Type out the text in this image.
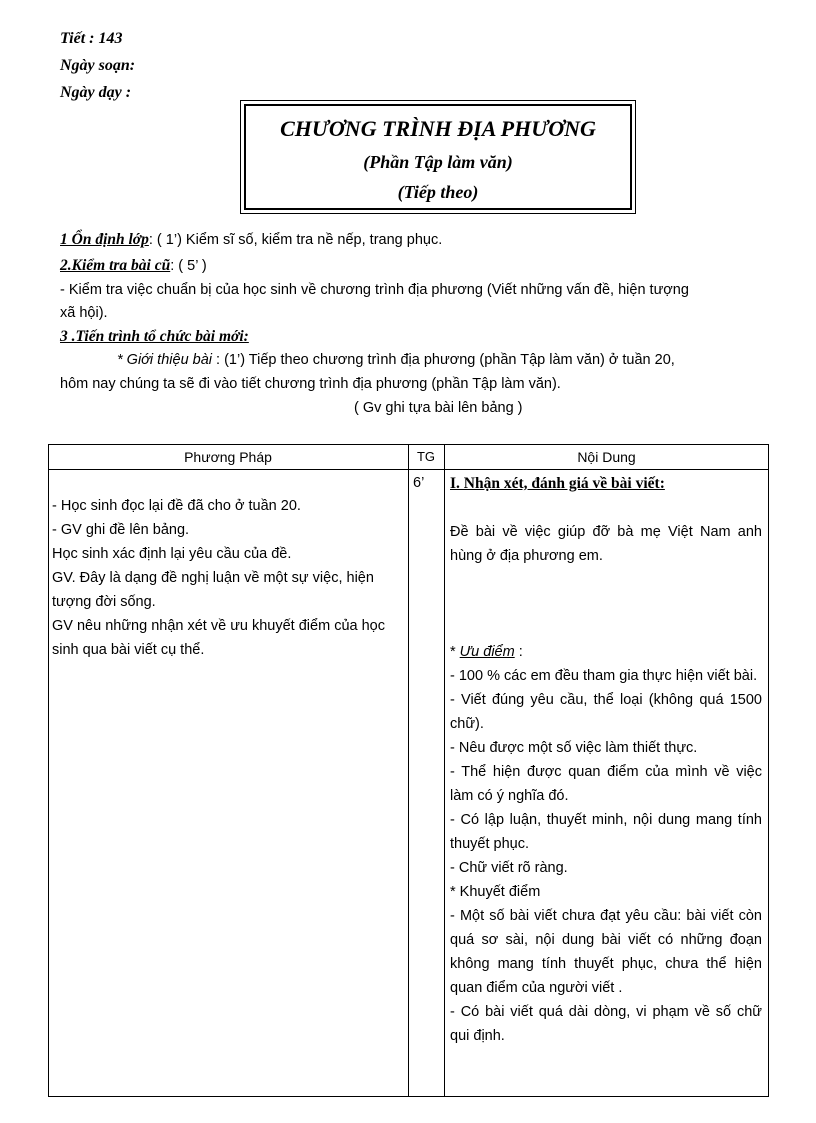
Tiết : 143
Ngày soạn:
Ngày dạy :
CHƯƠNG TRÌNH ĐỊA PHƯƠNG
(Phần Tập làm văn)
(Tiếp theo)
1 Ổn định lớp: ( 1’) Kiểm sĩ số, kiểm tra nề nếp, trang phục.
2.Kiểm tra bài cũ: ( 5’ )
- Kiểm tra việc chuẩn bị của học sinh về chương trình địa phương (Viết những vấn đề, hiện tượng
xã hội).
3 .Tiến trình tổ chức bài mới:
* Giới thiệu bài : (1’) Tiếp theo chương trình địa phương (phần Tập làm văn) ở tuần 20,
hôm nay chúng ta sẽ đi vào tiết chương trình địa phương (phần Tập làm văn).
( Gv ghi tựa bài lên bảng )
Phương Pháp	TG	Nội Dung

- Học sinh đọc lại đề đã cho ở tuần 20.

- GV ghi đề lên bảng.

Học sinh xác định lại yêu cầu của đề.

GV. Đây là dạng đề nghị luận về một sự việc, hiện tượng đời sống.

GV nêu những nhận xét về ưu khuyết điểm của học sinh qua bài viết cụ thể.

6’	I. Nhận xét, đánh giá về bài viết:

Đề bài về việc giúp đỡ bà mẹ Việt Nam anh hùng ở địa phương em.

* Ưu điểm :

- 100 % các em đều tham gia thực hiện viết bài.

- Viết đúng yêu cầu, thể loại (không quá 1500 chữ).

- Nêu được một số việc làm thiết thực.

- Thể hiện được quan điểm của mình về việc làm có ý nghĩa đó.

- Có lập luận, thuyết minh, nội dung mang tính thuyết phục.

- Chữ viết rõ ràng.

* Khuyết điểm

- Một số bài viết chưa đạt yêu cầu: bài viết còn quá sơ sài, nội dung bài viết có những đoạn không mang tính thuyết phục, chưa thể hiện quan điểm của người viết .

- Có bài viết quá dài dòng, vi phạm về số chữ qui định.
